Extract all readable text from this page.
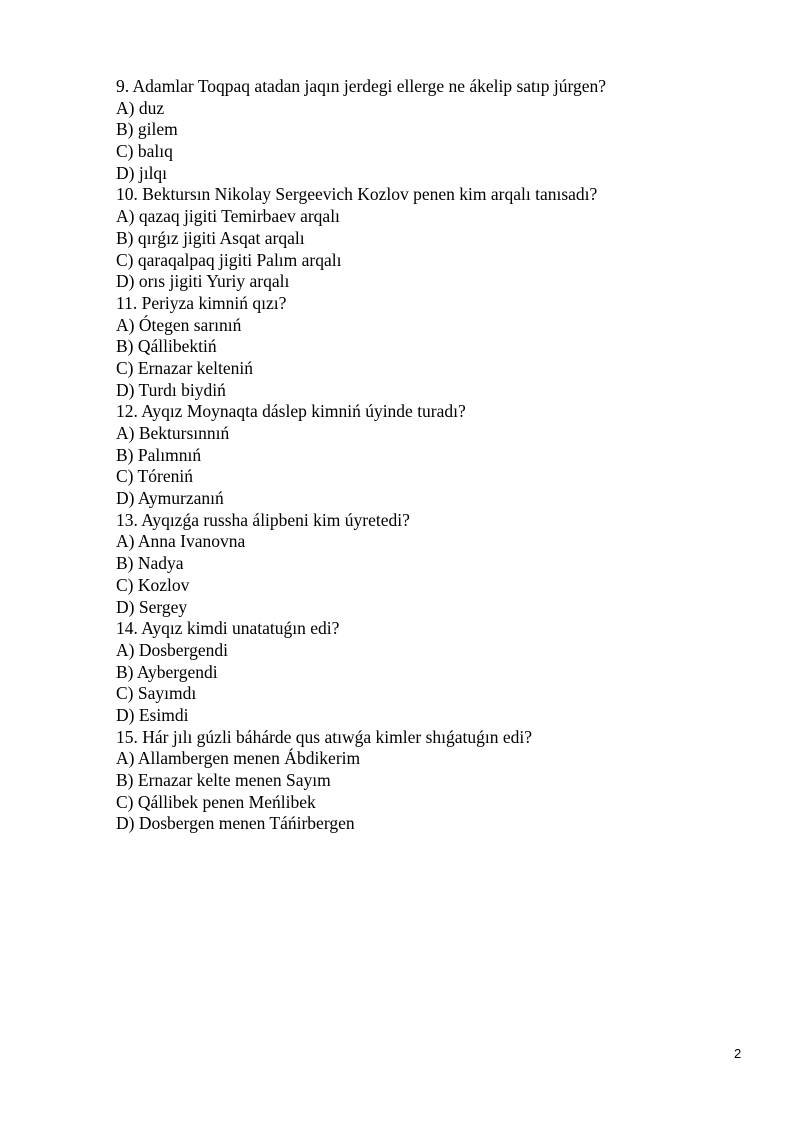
9. Adamlar Toqpaq atadan jaqın jerdegi ellerge ne ákelip satıp júrgen?
A) duz
B) gilem
C) balıq
D) jılqı
10. Bektursın Nikolay Sergeevich Kozlov penen kim arqalı tanısadı?
A) qazaq jigiti Temirbaev arqalı
B) qırǵız jigiti Asqat arqalı
C) qaraqalpaq jigiti Palım arqalı
D) orıs jigiti Yuriy arqalı
11. Periyza kimniń qızı?
A) Ótegen sarınıń
B) Qállibektiń
C) Ernazar kelteniń
D) Turdı biydiń
12. Ayqız Moynaqta dáslep kimniń úyinde turadı?
A) Bektursınnıń
B) Palımnıń
C) Tóreniń
D) Aymurzanıń
13. Ayqızǵa russha álipbeni kim úyretedi?
A) Anna Ivanovna
B) Nadya
C) Kozlov
D) Sergey
14. Ayqız kimdi unatatuǵın edi?
A) Dosbergendi
B) Aybergendi
C) Sayımdı
D) Esimdi
15. Hár jılı gúzli báhárde qus atıwǵa kimler shıǵatuǵın edi?
A) Allambergen menen Ábdikerim
B) Ernazar kelte menen Sayım
C) Qállibek penen Meńlibek
D) Dosbergen menen Táńirbergen
2
